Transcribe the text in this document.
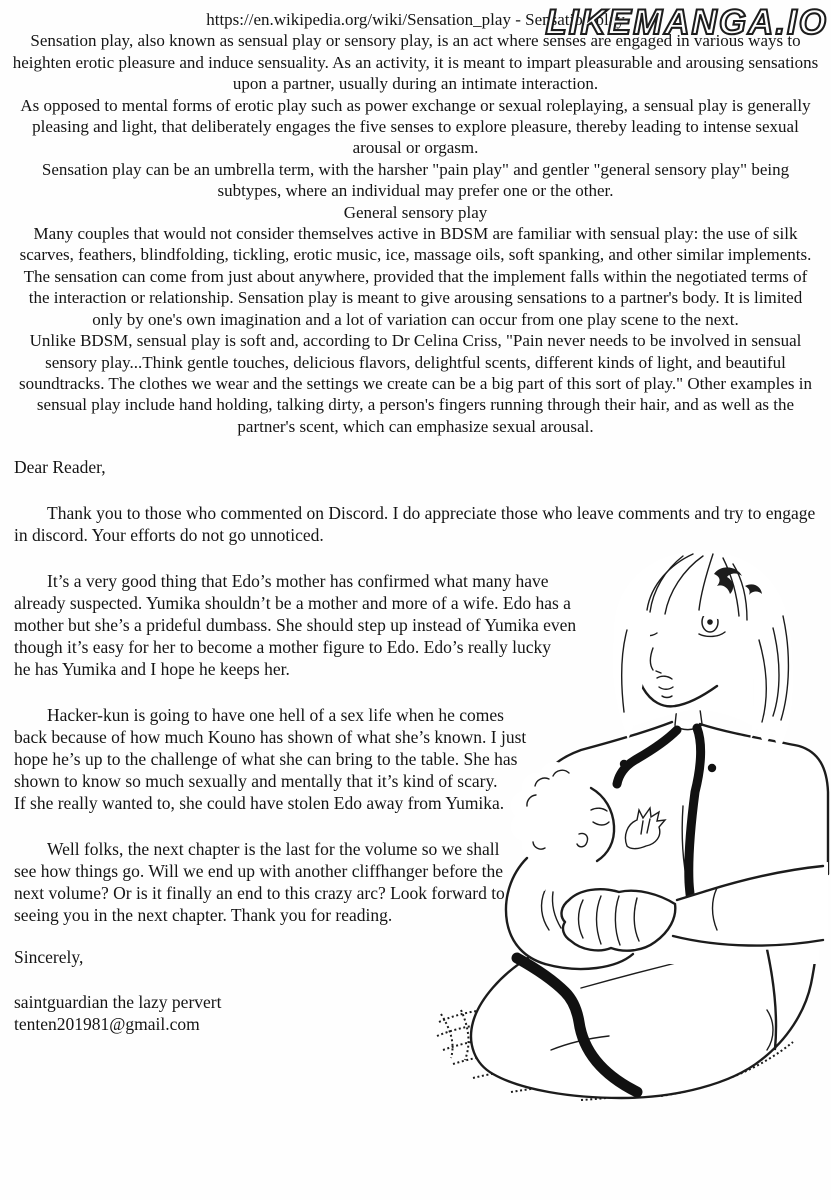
LIKEMANGA.IO

https://en.wikipedia.org/wiki/Sensation_play - Sensation play

Sensation play, also known as sensual play or sensory play, is an act where senses are engaged in various ways to heighten erotic pleasure and induce sensuality. As an activity, it is meant to impart pleasurable and arousing sensations upon a partner, usually during an intimate interaction.

As opposed to mental forms of erotic play such as power exchange or sexual roleplaying, a sensual play is generally pleasing and light, that deliberately engages the five senses to explore pleasure, thereby leading to intense sexual arousal or orgasm.

Sensation play can be an umbrella term, with the harsher "pain play" and gentler "general sensory play" being subtypes, where an individual may prefer one or the other.

General sensory play

Many couples that would not consider themselves active in BDSM are familiar with sensual play: the use of silk scarves, feathers, blindfolding, tickling, erotic music, ice, massage oils, soft spanking, and other similar implements. The sensation can come from just about anywhere, provided that the implement falls within the negotiated terms of the interaction or relationship. Sensation play is meant to give arousing sensations to a partner's body. It is limited only by one's own imagination and a lot of variation can occur from one play scene to the next.

Unlike BDSM, sensual play is soft and, according to Dr Celina Criss, "Pain never needs to be involved in sensual sensory play...Think gentle touches, delicious flavors, delightful scents, different kinds of light, and beautiful soundtracks. The clothes we wear and the settings we create can be a big part of this sort of play." Other examples in sensual play include hand holding, talking dirty, a person's fingers running through their hair, and as well as the partner's scent, which can emphasize sexual arousal.

Dear Reader,

Thank you to those who commented on Discord. I do appreciate those who leave comments and try to engage in discord. Your efforts do not go unnoticed.

It’s a very good thing that Edo’s mother has confirmed what many have already suspected. Yumika shouldn’t be a mother and more of a wife. Edo has a mother but she’s a prideful dumbass. She should step up instead of Yumika even though it’s easy for her to become a mother figure to Edo. Edo’s really lucky he has Yumika and I hope he keeps her.

Hacker-kun is going to have one hell of a sex life when he comes back because of how much Kouno has shown of what she’s known. I just hope he’s up to the challenge of what she can bring to the table. She has shown to know so much sexually and mentally that it’s kind of scary. If she really wanted to, she could have stolen Edo away from Yumika.

Well folks, the next chapter is the last for the volume so we shall see how things go. Will we end up with another cliffhanger before the next volume? Or is it finally an end to this crazy arc? Look forward to seeing you in the next chapter. Thank you for reading.

Sincerely,

saintguardian the lazy pervert
tenten201981@gmail.com
